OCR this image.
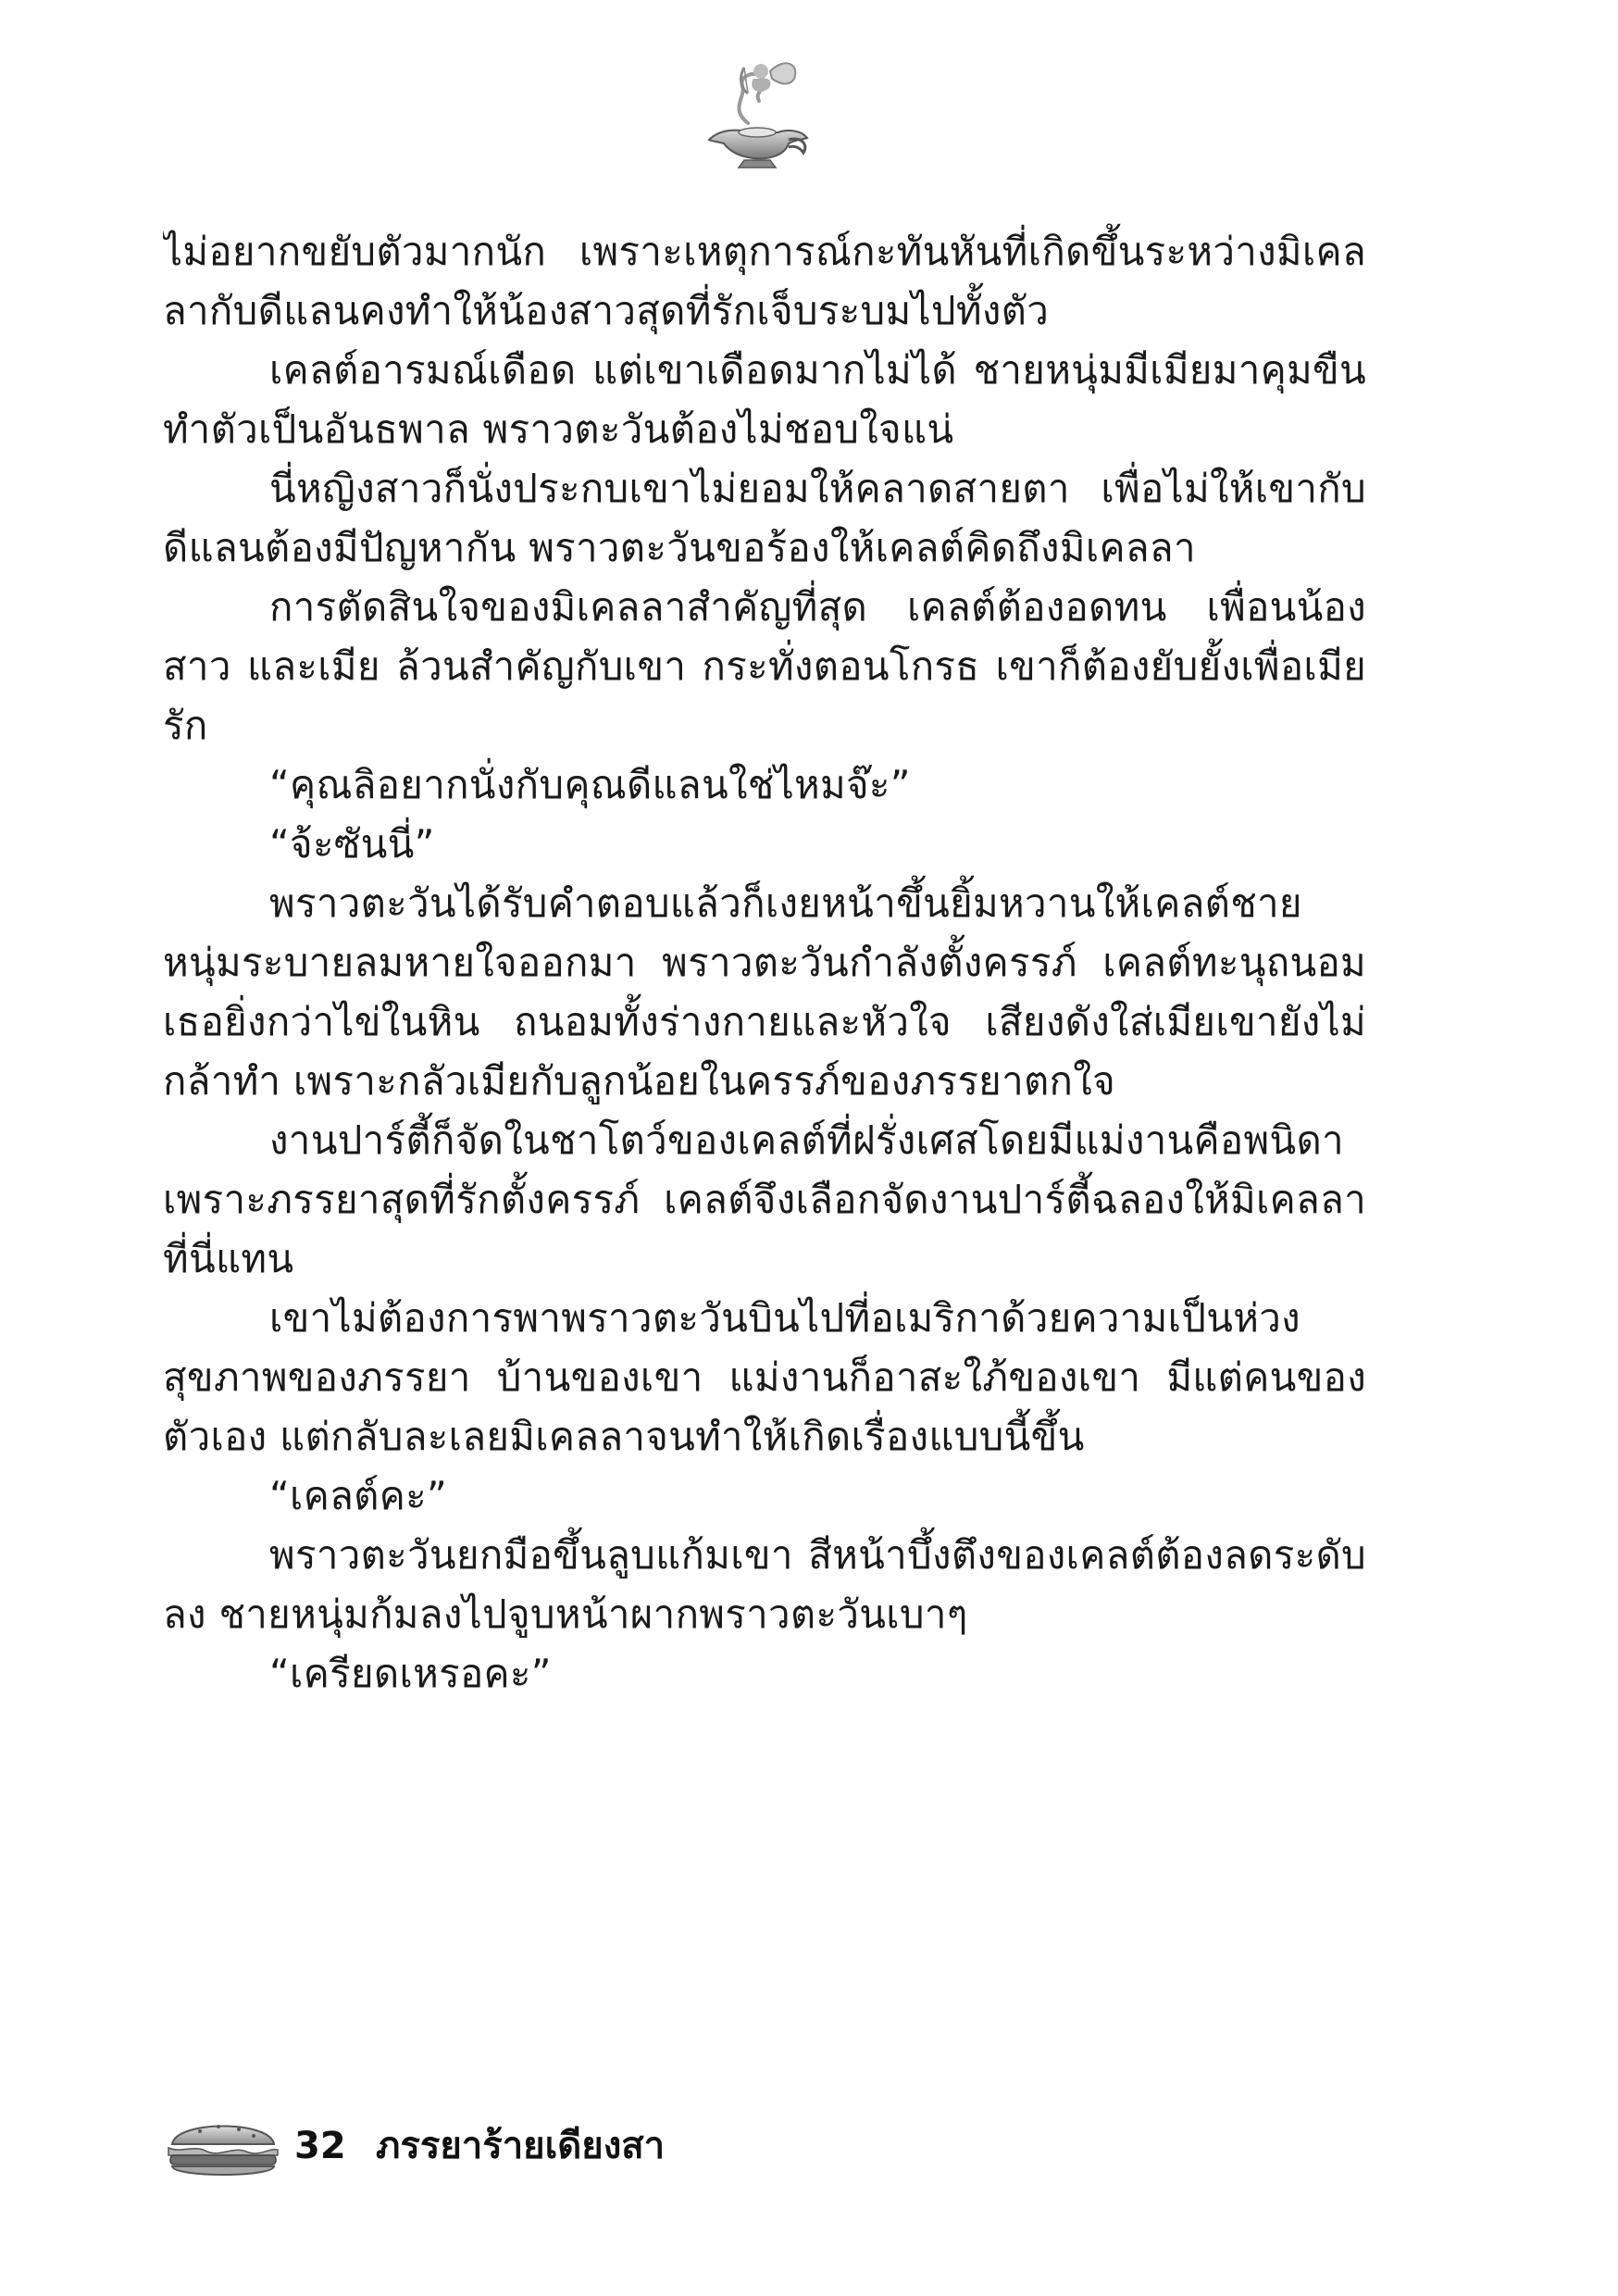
ไม่อยากขยับตัวมากนัก เพราะเหตุการณ์กะทันหันที่เกิดขึ้นระหว่างมิเคลลากับดีแลนคงทำให้น้องสาวสุดที่รักเจ็บระบมไปทั้งตัว

เคลต์อารมณ์เดือด แต่เขาเดือดมากไม่ได้ ชายหนุ่มมีเมียมาคุมขืนทำตัวเป็นอันธพาล พราวตะวันต้องไม่ชอบใจแน่

นี่หญิงสาวก็นั่งประกบเขาไม่ยอมให้คลาดสายตา เพื่อไม่ให้เขากับดีแลนต้องมีปัญหากัน พราวตะวันขอร้องให้เคลต์คิดถึงมิเคลลา

การตัดสินใจของมิเคลลาสำคัญที่สุด เคลต์ต้องอดทน เพื่อนน้องสาว และเมีย ล้วนสำคัญกับเขา กระทั่งตอนโกรธ เขาก็ต้องยับยั้งเพื่อเมียรัก

“คุณลิอยากนั่งกับคุณดีแลนใช่ไหมจ๊ะ”

“จ้ะซันนี่”

พราวตะวันได้รับคำตอบแล้วก็เงยหน้าขึ้นยิ้มหวานให้เคลต์ชายหนุ่มระบายลมหายใจออกมา พราวตะวันกำลังตั้งครรภ์ เคลต์ทะนุถนอมเธอยิ่งกว่าไข่ในหิน ถนอมทั้งร่างกายและหัวใจ เสียงดังใส่เมียเขายังไม่กล้าทำ เพราะกลัวเมียกับลูกน้อยในครรภ์ของภรรยาตกใจ

งานปาร์ตี้ก็จัดในชาโตว์ของเคลต์ที่ฝรั่งเศสโดยมีแม่งานคือพนิดาเพราะภรรยาสุดที่รักตั้งครรภ์ เคลต์จึงเลือกจัดงานปาร์ตี้ฉลองให้มิเคลลาที่นี่แทน

เขาไม่ต้องการพาพราวตะวันบินไปที่อเมริกาด้วยความเป็นห่วงสุขภาพของภรรยา บ้านของเขา แม่งานก็อาสะใภ้ของเขา มีแต่คนของตัวเอง แต่กลับละเลยมิเคลลาจนทำให้เกิดเรื่องแบบนี้ขึ้น

“เคลต์คะ”

พราวตะวันยกมือขึ้นลูบแก้มเขา สีหน้าบึ้งตึงของเคลต์ต้องลดระดับลง ชายหนุ่มก้มลงไปจูบหน้าผากพราวตะวันเบาๆ

“เครียดเหรอคะ”

32 ภรรยาร้ายเดียงสา
